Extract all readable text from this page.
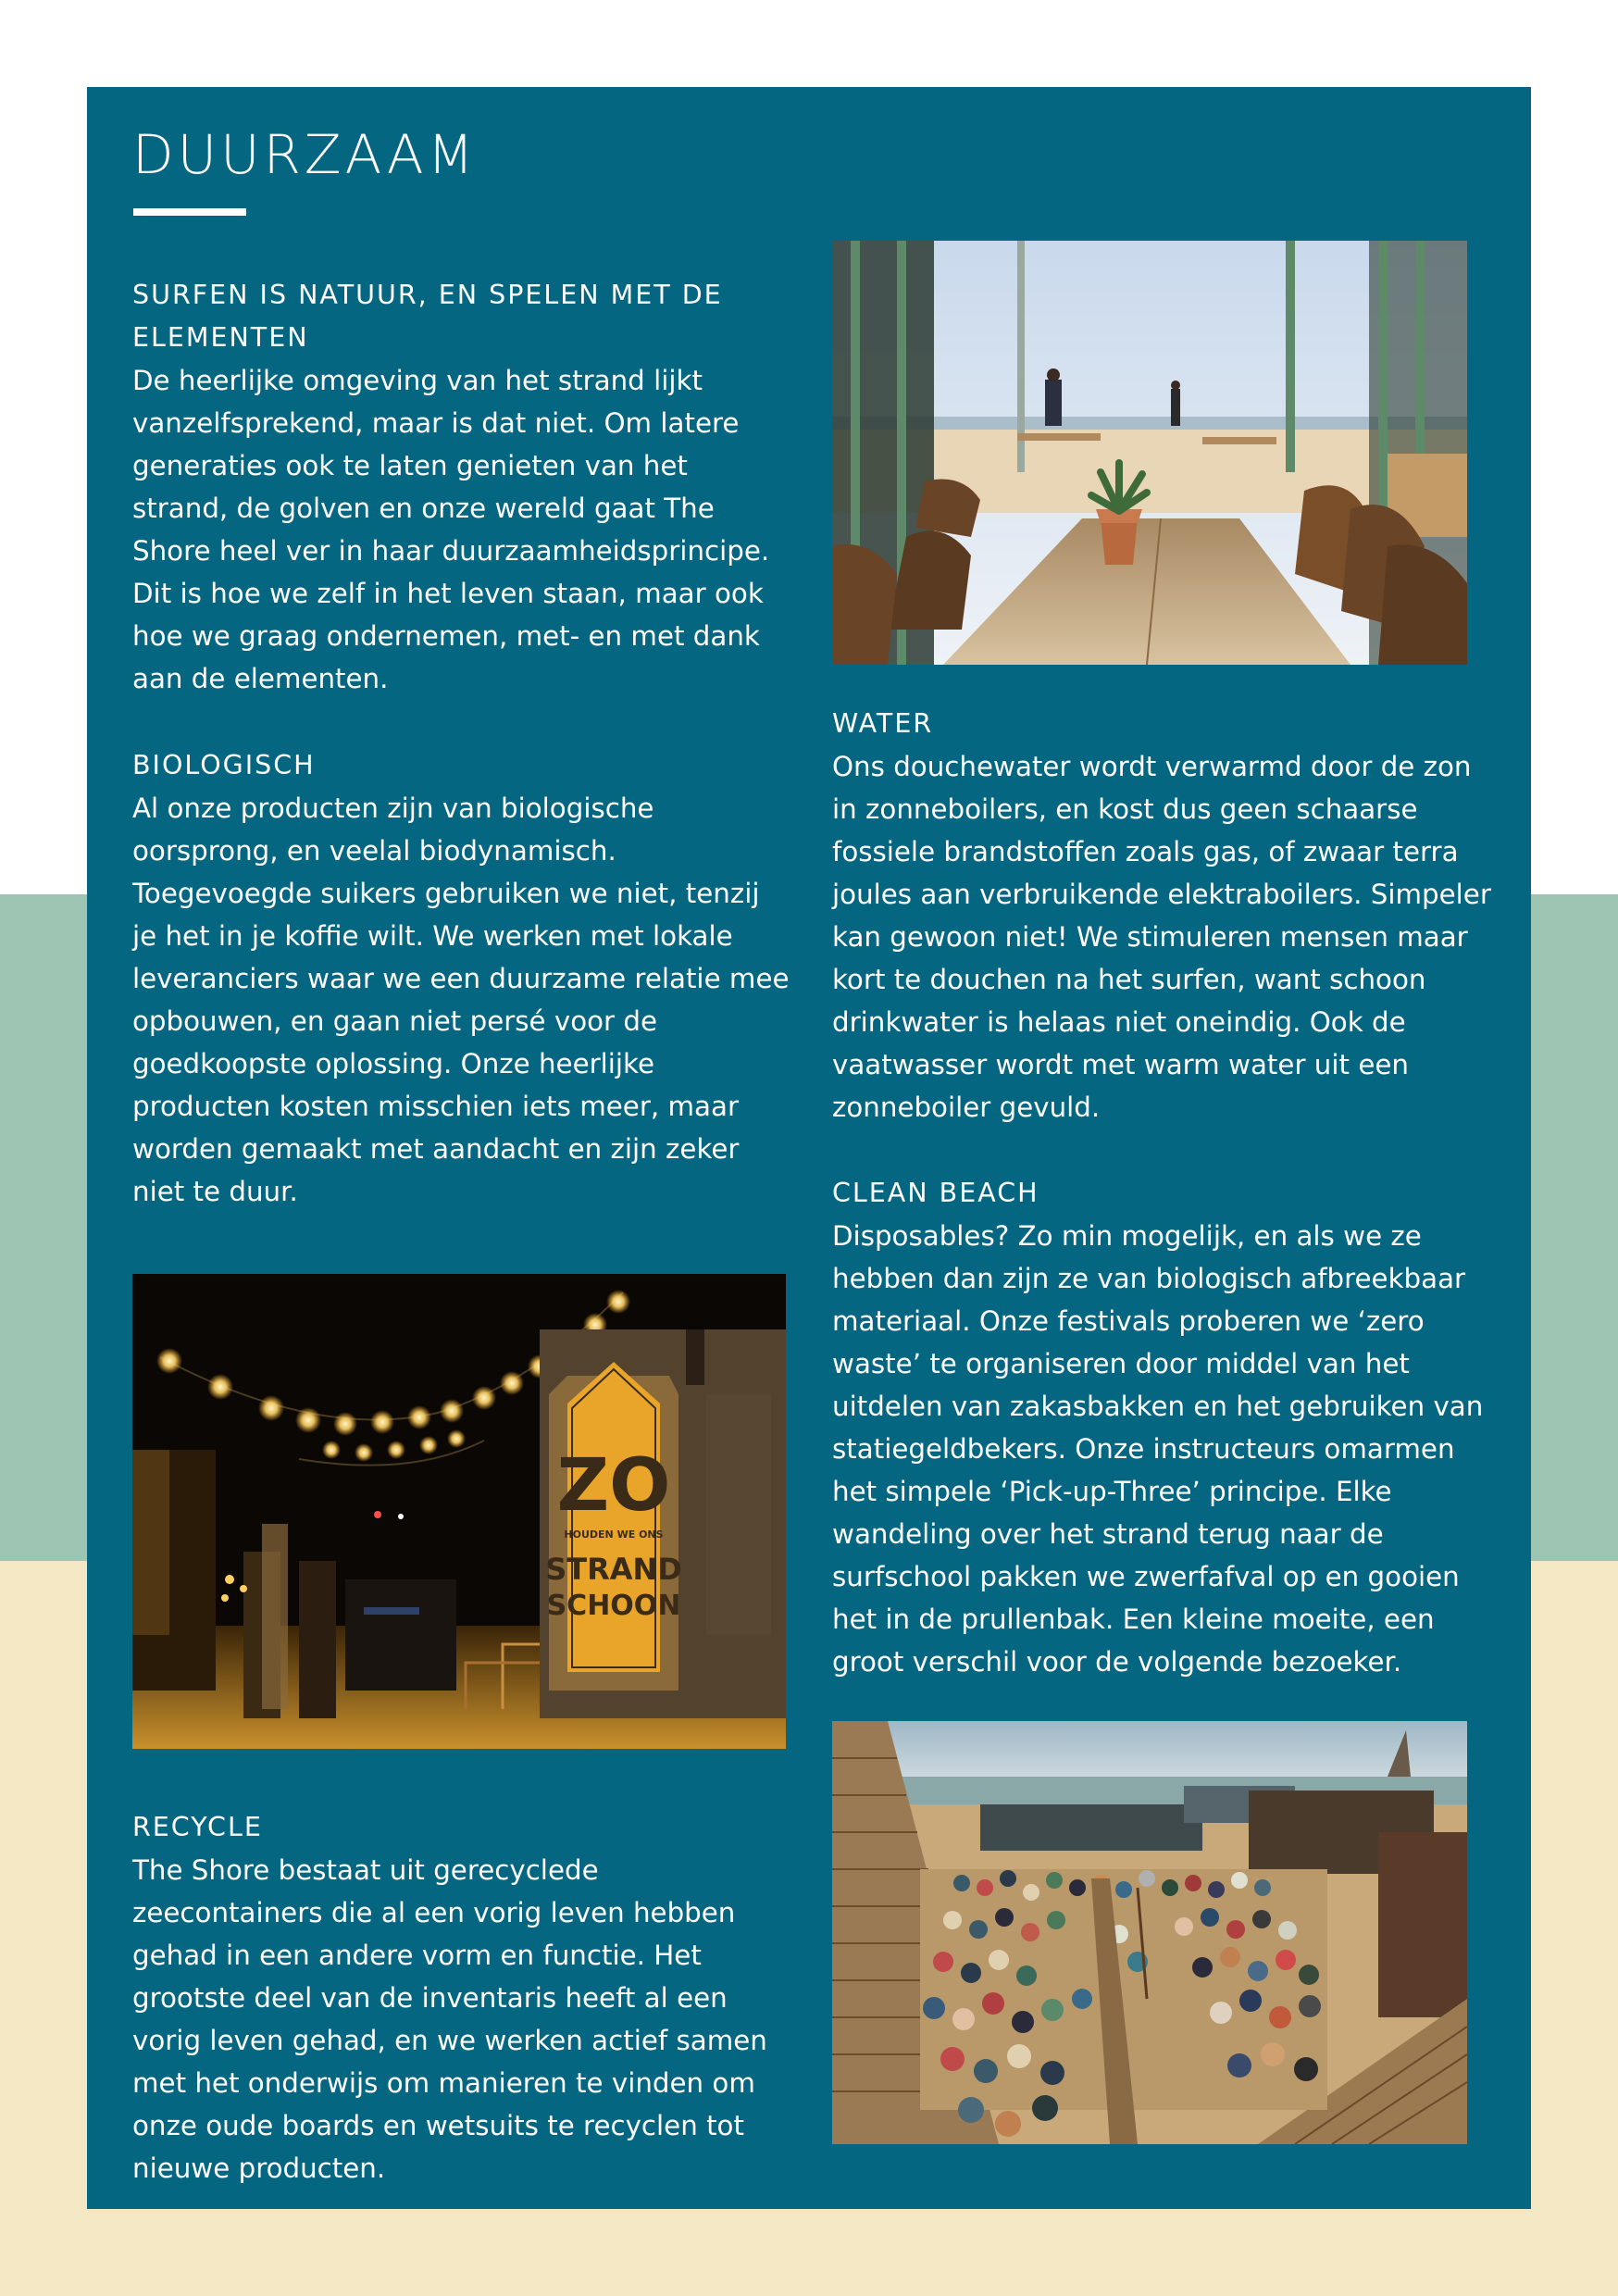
DUURZAAM

SURFEN IS NATUUR, EN SPELEN MET DE ELEMENTEN

De heerlijke omgeving van het strand lijkt vanzelfsprekend, maar is dat niet. Om latere generaties ook te laten genieten van het strand, de golven en onze wereld gaat The Shore heel ver in haar duurzaamheidsprincipe. Dit is hoe we zelf in het leven staan, maar ook hoe we graag ondernemen, met- en met dank aan de elementen.

BIOLOGISCH

Al onze producten zijn van biologische oorsprong, en veelal biodynamisch. Toegevoegde suikers gebruiken we niet, tenzij je het in je koffie wilt. We werken met lokale leveranciers waar we een duurzame relatie mee opbouwen, en gaan niet persé voor de goedkoopste oplossing. Onze heerlijke producten kosten misschien iets meer, maar worden gemaakt met aandacht en zijn zeker niet te duur.

ZO
HOUDEN WE ONS
STRAND
SCHOON

RECYCLE

The Shore bestaat uit gerecyclede zeecontainers die al een vorig leven hebben gehad in een andere vorm en functie. Het grootste deel van de inventaris heeft al een vorig leven gehad, en we werken actief samen met het onderwijs om manieren te vinden om onze oude boards en wetsuits te recyclen tot nieuwe producten.

WATER

Ons douchewater wordt verwarmd door de zon in zonneboilers, en kost dus geen schaarse fossiele brandstoffen zoals gas, of zwaar terra joules aan verbruikende elektraboilers. Simpeler kan gewoon niet! We stimuleren mensen maar kort te douchen na het surfen, want schoon drinkwater is helaas niet oneindig. Ook de vaatwasser wordt met warm water uit een zonneboiler gevuld.

CLEAN BEACH

Disposables? Zo min mogelijk, en als we ze hebben dan zijn ze van biologisch afbreekbaar materiaal. Onze festivals proberen we ‘zero waste’ te organiseren door middel van het uitdelen van zakasbakken en het gebruiken van statiegeldbekers. Onze instructeurs omarmen het simpele ‘Pick-up-Three’ principe. Elke wandeling over het strand terug naar de surfschool pakken we zwerfafval op en gooien het in de prullenbak. Een kleine moeite, een groot verschil voor de volgende bezoeker.
